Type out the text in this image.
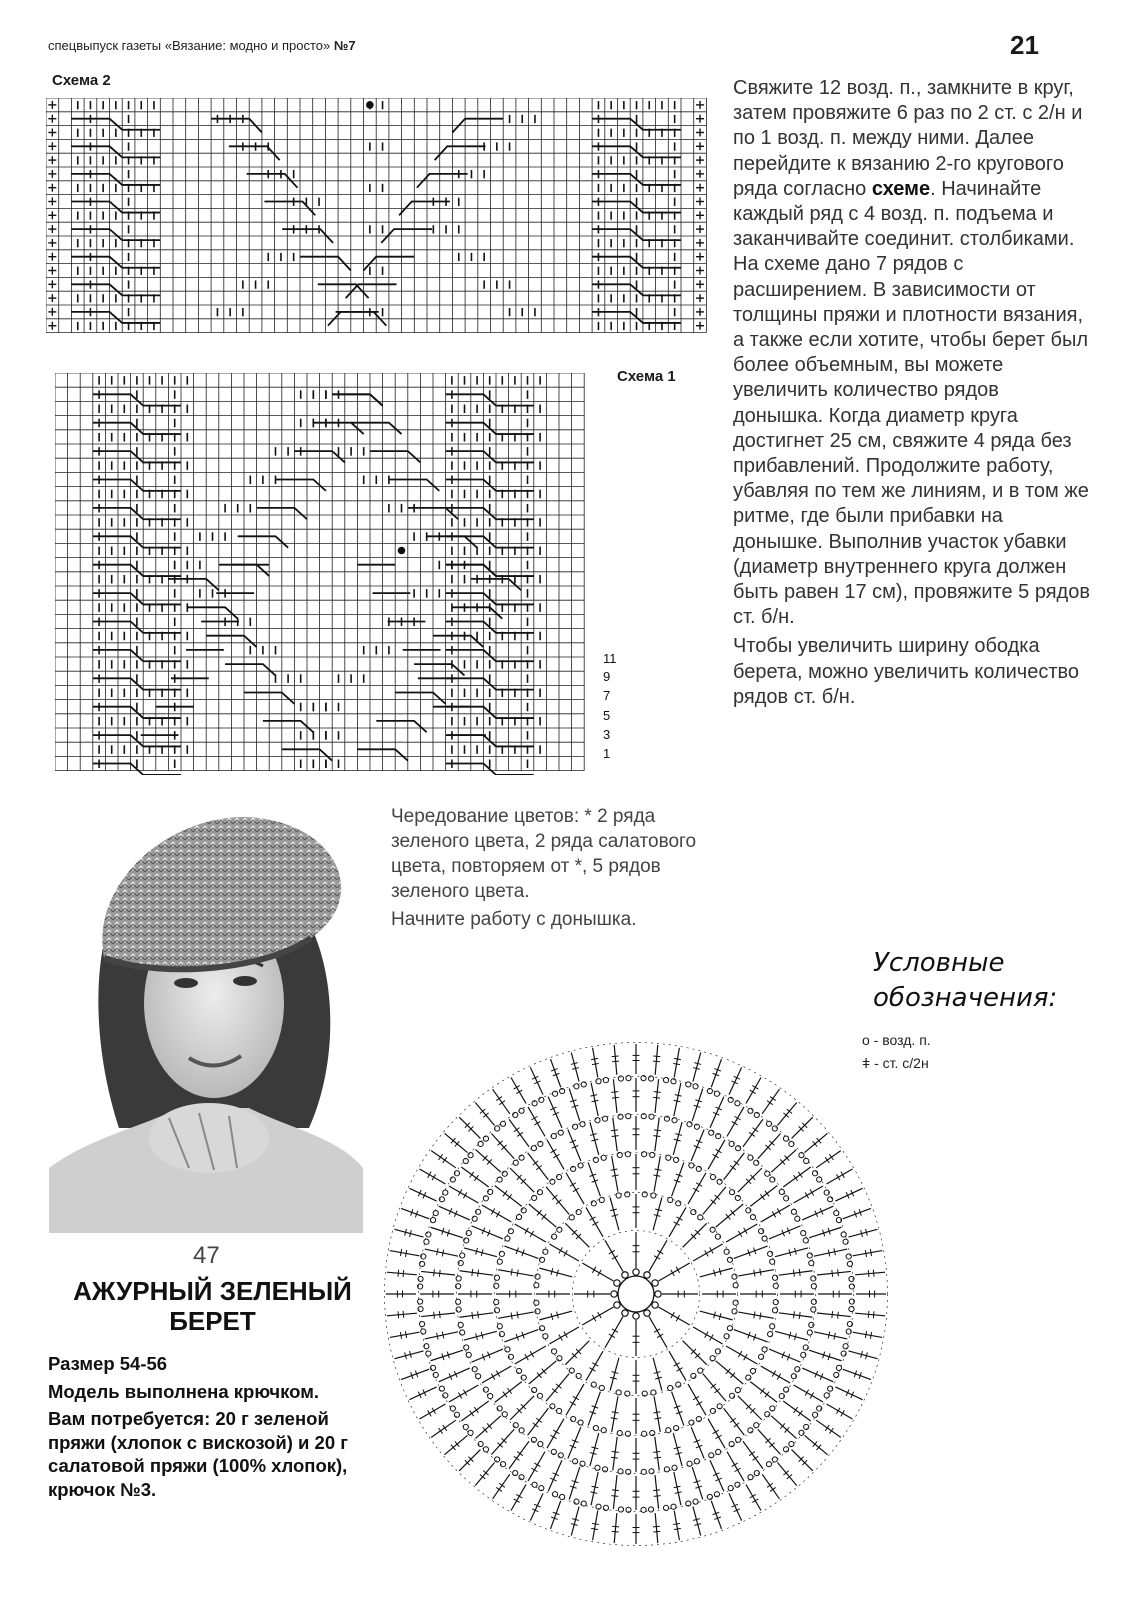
спецвыпуск газеты «Вязание: модно и просто» №7	21
Схема 2
Схема 1
11
9
7
5
3
1

Свяжите 12 возд. п., замкните в круг, затем провяжите 6 раз по 2 ст. с 2/н и по 1 возд. п. между ними. Далее перейдите к вязанию 2-го кругового ряда согласно схеме. Начинайте каждый ряд с 4 возд. п. подъема и заканчивайте соединит. столбиками. На схеме дано 7 рядов с расширением. В зависимости от толщины пряжи и плотности вязания, а также если хотите, чтобы берет был более объемным, вы можете увеличить количество рядов донышка. Когда диаметр круга достигнет 25 см, свяжите 4 ряда без прибавлений. Продолжите работу, убавляя по тем же линиям, и в том же ритме, где были прибавки на донышке. Выполнив участок убавки (диаметр внутреннего круга должен быть равен 17 см), провяжите 5 рядов ст. б/н.

Чтобы увеличить ширину ободка берета, можно увеличить количество рядов ст. б/н.

Чередование цветов: * 2 ряда зеленого цвета, 2 ряда салатового цвета, повторяем от *, 5 рядов зеленого цвета.

Начните работу с донышка.

47
АЖУРНЫЙ ЗЕЛЕНЫЙ БЕРЕТ

Размер 54-56

Модель выполнена крючком.

Вам потребуется: 20 г зеленой пряжи (хлопок с вискозой) и 20 г салатовой пряжи (100% хлопок), крючок №3.

Условные
обозначения:
o - возд. п.
ǂ - ст. с/2н
